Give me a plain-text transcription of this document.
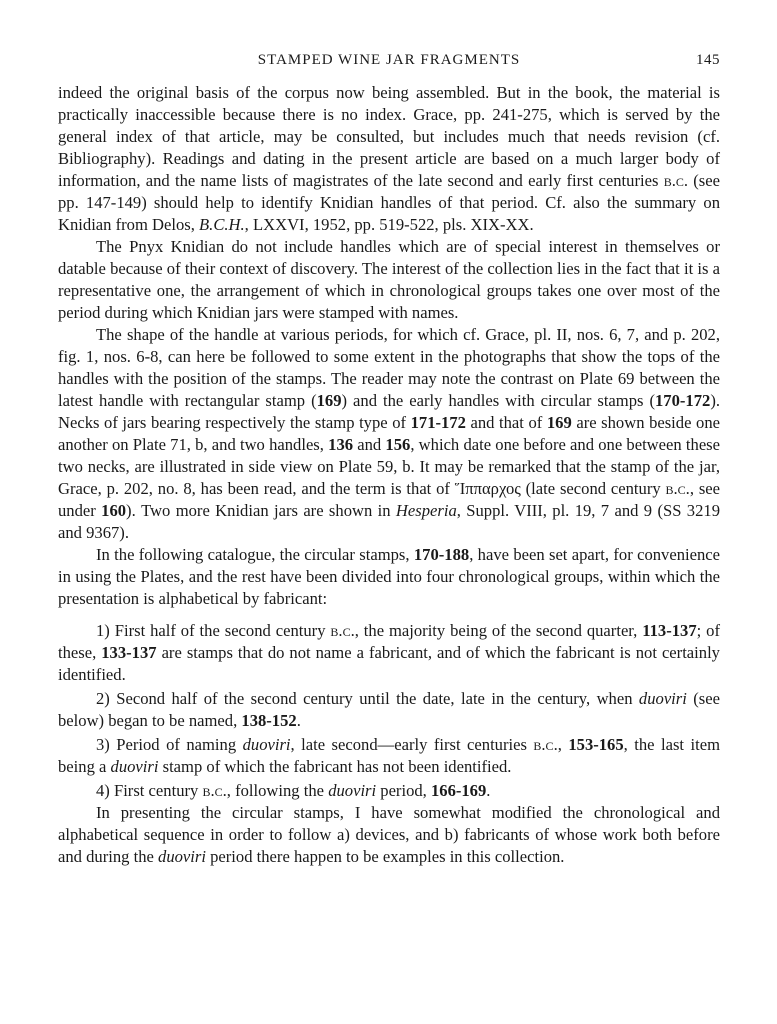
STAMPED WINE JAR FRAGMENTS	145

indeed the original basis of the corpus now being assembled. But in the book, the material is practically inaccessible because there is no index. Grace, pp. 241-275, which is served by the general index of that article, may be consulted, but includes much that needs revision (cf. Bibliography). Readings and dating in the present article are based on a much larger body of information, and the name lists of magistrates of the late second and early first centuries b.c. (see pp. 147-149) should help to identify Knidian handles of that period. Cf. also the summary on Knidian from Delos, B.C.H., LXXVI, 1952, pp. 519-522, pls. XIX-XX.

The Pnyx Knidian do not include handles which are of special interest in themselves or datable because of their context of discovery. The interest of the collection lies in the fact that it is a representative one, the arrangement of which in chronological groups takes one over most of the period during which Knidian jars were stamped with names.

The shape of the handle at various periods, for which cf. Grace, pl. II, nos. 6, 7, and p. 202, fig. 1, nos. 6-8, can here be followed to some extent in the photographs that show the tops of the handles with the position of the stamps. The reader may note the contrast on Plate 69 between the latest handle with rectangular stamp (169) and the early handles with circular stamps (170-172). Necks of jars bearing respectively the stamp type of 171-172 and that of 169 are shown beside one another on Plate 71, b, and two handles, 136 and 156, which date one before and one between these two necks, are illustrated in side view on Plate 59, b. It may be remarked that the stamp of the jar, Grace, p. 202, no. 8, has been read, and the term is that of Ἵππαρχος (late second century b.c., see under 160). Two more Knidian jars are shown in Hesperia, Suppl. VIII, pl. 19, 7 and 9 (SS 3219 and 9367).

In the following catalogue, the circular stamps, 170-188, have been set apart, for convenience in using the Plates, and the rest have been divided into four chronological groups, within which the presentation is alphabetical by fabricant:

1) First half of the second century b.c., the majority being of the second quarter, 113-137; of these, 133-137 are stamps that do not name a fabricant, and of which the fabricant is not certainly identified.

2) Second half of the second century until the date, late in the century, when duoviri (see below) began to be named, 138-152.

3) Period of naming duoviri, late second—early first centuries b.c., 153-165, the last item being a duoviri stamp of which the fabricant has not been identified.

4) First century b.c., following the duoviri period, 166-169.

In presenting the circular stamps, I have somewhat modified the chronological and alphabetical sequence in order to follow a) devices, and b) fabricants of whose work both before and during the duoviri period there happen to be examples in this collection.
